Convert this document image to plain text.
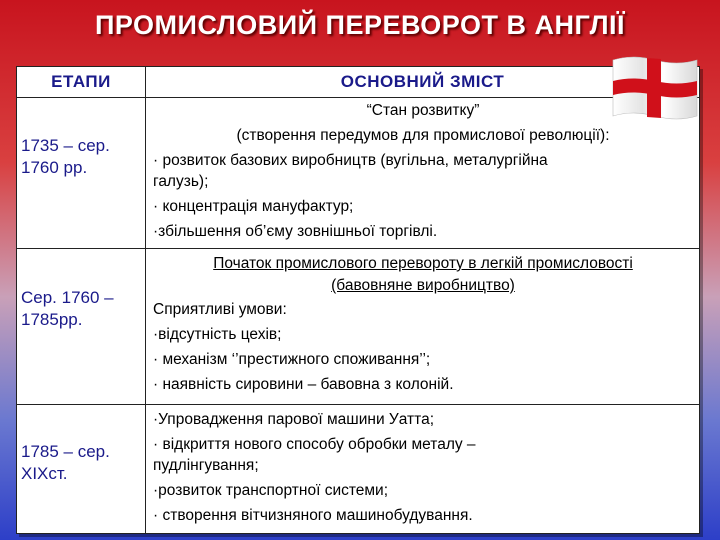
ПРОМИСЛОВИЙ ПЕРЕВОРОТ В АНГЛІЇ
ЕТАПИ	ОСНОВНИЙ ЗМІСТ
1735 – сер.
1760 рр.
“Стан розвитку”
(створення передумов для промислової революції):
· розвиток базових виробництв (вугільна, металургійна
галузь);
· концентрація мануфактур;
·збільшення об’єму зовнішньої торгівлі.
Сер. 1760 –
1785рр.
Початок промислового перевороту в легкій промисловості
(бавовняне виробництво)
Сприятливі умови:
·відсутність цехів;
· механізм ‘’престижного споживання’’;
· наявність сировини – бавовна з колоній.
1785 – сер.
ХІХст.
·Упровадження парової машини Уатта;
· відкриття нового способу обробки металу –
пудлінгування;
·розвиток транспортної системи;
· створення вітчизняного машинобудування.
